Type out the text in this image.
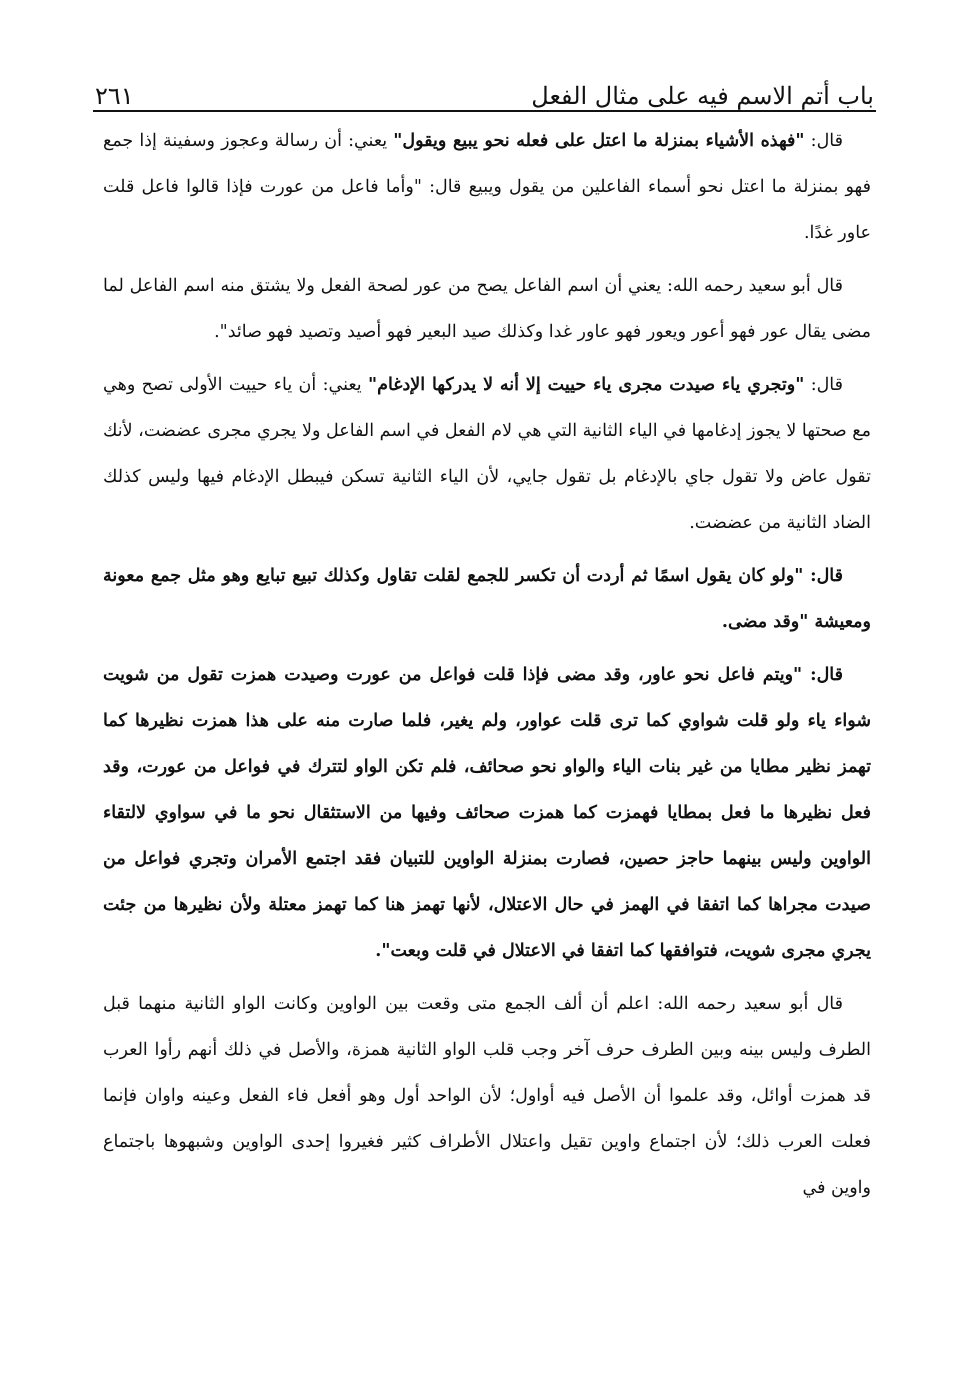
باب أتم الاسم فيه على مثال الفعل
٢٦١

قال: "فهذه الأشياء بمنزلة ما اعتل على فعله نحو يبيع ويقول" يعني: أن رسالة وعجوز وسفينة إذا جمع فهو بمنزلة ما اعتل نحو أسماء الفاعلين من يقول ويبيع قال: "وأما فاعل من عورت فإذا قالوا فاعل قلت عاور غدًا.

قال أبو سعيد رحمه الله: يعني أن اسم الفاعل يصح من عور لصحة الفعل ولا يشتق منه اسم الفاعل لما مضى يقال عور فهو أعور ويعور فهو عاور غدا وكذلك صيد البعير فهو أصيد وتصيد فهو صائد".

قال: "وتجري ياء صيدت مجرى ياء حييت إلا أنه لا يدركها الإدغام" يعني: أن ياء حييت الأولى تصح وهي مع صحتها لا يجوز إدغامها في الياء الثانية التي هي لام الفعل في اسم الفاعل ولا يجري مجرى عضضت، لأنك تقول عاض ولا تقول جاي بالإدغام بل تقول جايي، لأن الياء الثانية تسكن فيبطل الإدغام فيها وليس كذلك الضاد الثانية من عضضت.

قال: "ولو كان يقول اسمًا ثم أردت أن تكسر للجمع لقلت تقاول وكذلك تبيع تبايع وهو مثل جمع معونة ومعيشة "وقد مضى.

قال: "ويتم فاعل نحو عاور، وقد مضى فإذا قلت فواعل من عورت وصيدت همزت تقول من شويت شواء ياء ولو قلت شواوي كما ترى قلت عواور، ولم يغير، فلما صارت منه على هذا همزت نظيرها كما تهمز نظير مطايا من غير بنات الياء والواو نحو صحائف، فلم تكن الواو لتترك في فواعل من عورت، وقد فعل نظيرها ما فعل بمطايا فهمزت كما همزت صحائف وفيها من الاستثقال نحو ما في سواوي لالتقاء الواوين وليس بينهما حاجز حصين، فصارت بمنزلة الواوين للتبيان فقد اجتمع الأمران وتجري فواعل من صيدت مجراها كما اتفقا في الهمز في حال الاعتلال، لأنها تهمز هنا كما تهمز معتلة ولأن نظيرها من جئت يجري مجرى شويت، فتوافقها كما اتفقا في الاعتلال في قلت وبعت".

قال أبو سعيد رحمه الله: اعلم أن ألف الجمع متى وقعت بين الواوين وكانت الواو الثانية منهما قبل الطرف وليس بينه وبين الطرف حرف آخر وجب قلب الواو الثانية همزة، والأصل في ذلك أنهم رأوا العرب قد همزت أوائل، وقد علموا أن الأصل فيه أواول؛ لأن الواحد أول وهو أفعل فاء الفعل وعينه واوان فإنما فعلت العرب ذلك؛ لأن اجتماع واوين تقيل واعتلال الأطراف كثير فغيروا إحدى الواوين وشبهوها باجتماع واوين في
